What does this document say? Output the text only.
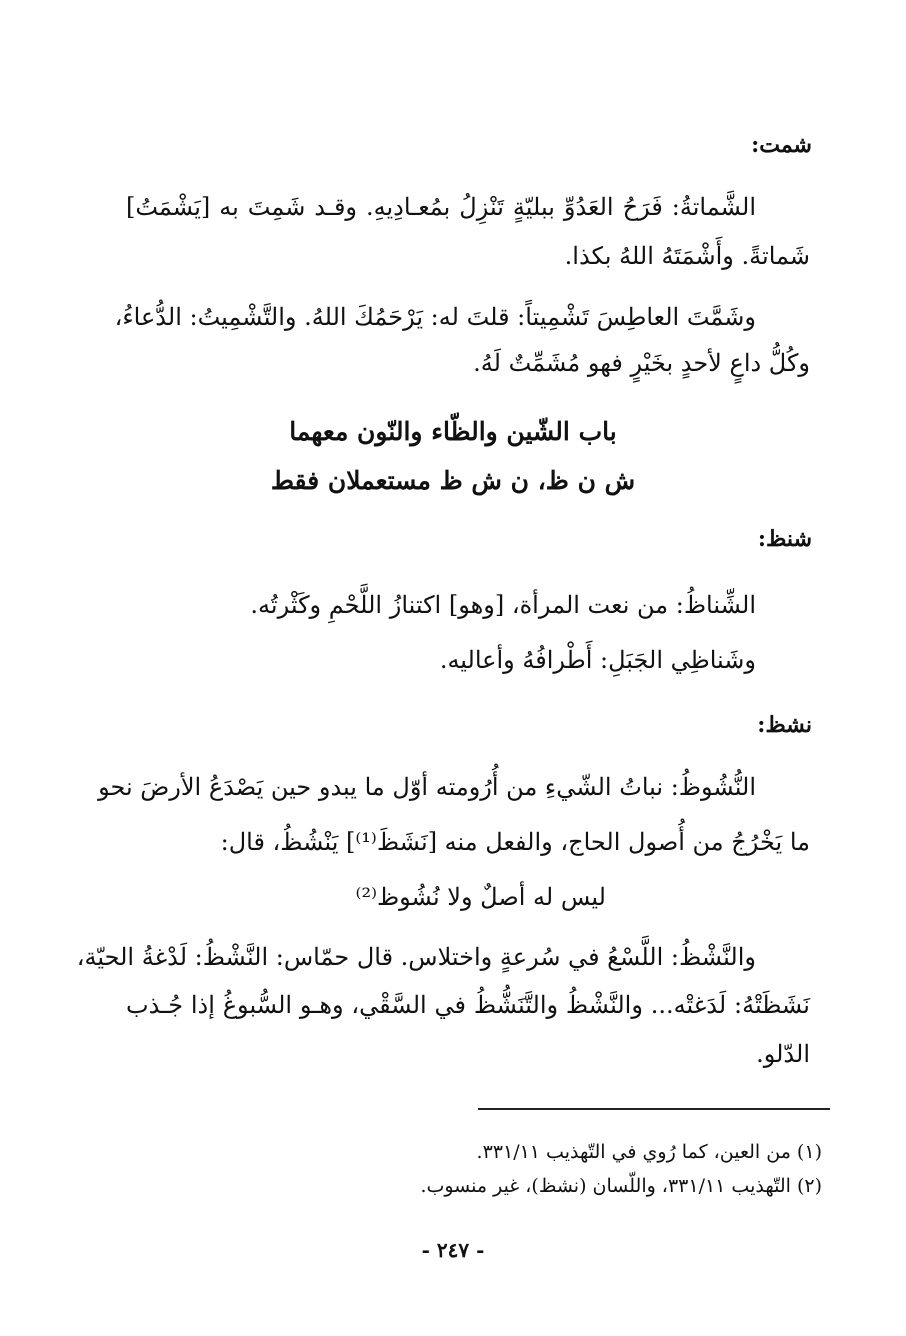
شمت:
الشَّماتةُ: فَرَحُ العَدُوِّ ببليّةٍ تَنْزِلُ بمُعـادِيهِ. وقـد شَمِتَ به [يَشْمَتُ]
شَماتةً. وأَشْمَتَهُ اللهُ بكذا.
وشَمَّتَ العاطِسَ تَشْمِيتاً: قلتَ له: يَرْحَمُكَ اللهُ. والتَّشْمِيتُ: الدُّعاءُ،
وكُلُّ داعٍ لأحدٍ بخَيْرٍ فهو مُشَمِّتٌ لَهُ.
باب الشّين والظّاء والنّون معهما
ش ن ظ، ن ش ظ مستعملان فقط
شنظ:
الشِّناظُ: من نعت المرأة، [وهو] اكتنازُ اللَّحْمِ وكَثْرتُه.
وشَناظِي الجَبَلِ: أَطْرافُهُ وأعاليه.
نشظ:
النُّشُوظُ: نباتُ الشّيءِ من أُرُومته أوّل ما يبدو حين يَصْدَعُ الأرضَ نحو
ما يَخْرُجُ من أُصول الحاج، والفعل منه [نَشَظَ⁽¹⁾] يَنْشُظُ، قال:
ليس له أصلٌ ولا نُشُوظ⁽²⁾
والنَّشْظُ: اللَّسْعُ في سُرعةٍ واختلاس. قال حمّاس: النَّشْظُ: لَدْغةُ الحيّة،
نَشَظَتْهُ: لَدَغتْه... والنَّشْظُ والتَّنَشُّظُ في السَّقْي، وهـو السُّبوغُ إذا جُـذب
الدّلو.
(١) من العين، كما رُوي في التّهذيب ٣٣١/١١.
(٢) التّهذيب ٣٣١/١١، واللّسان (نشظ)، غير منسوب.
- ٢٤٧ -
